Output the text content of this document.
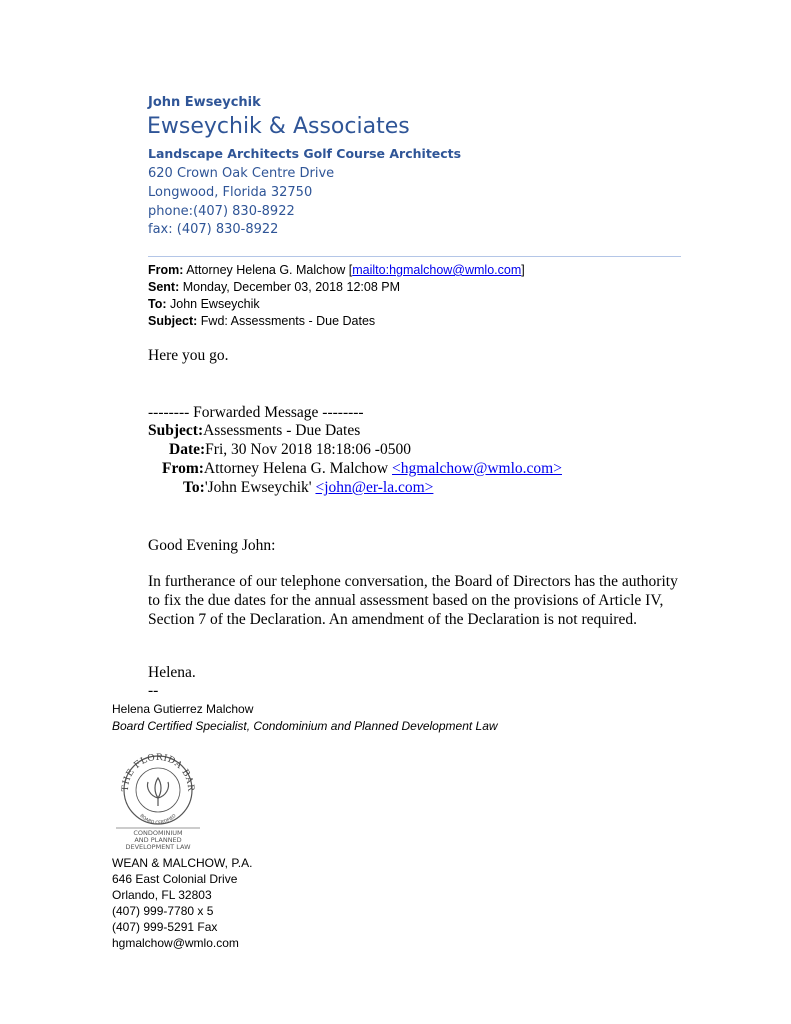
John Ewseychik
Ewseychik & Associates
Landscape Architects Golf Course Architects
620 Crown Oak Centre Drive
Longwood, Florida 32750
phone:(407) 830-8922
fax: (407) 830-8922
From: Attorney Helena G. Malchow [mailto:hgmalchow@wmlo.com]
Sent: Monday, December 03, 2018 12:08 PM
To: John Ewseychik
Subject: Fwd: Assessments - Due Dates
Here you go.
-------- Forwarded Message --------
Subject:Assessments - Due Dates
Date:Fri, 30 Nov 2018 18:18:06 -0500
From:Attorney Helena G. Malchow <hgmalchow@wmlo.com>
To:'John Ewseychik' <john@er-la.com>
Good Evening John:
In furtherance of our telephone conversation, the Board of Directors has the authority to fix the due dates for the annual assessment based on the provisions of Article IV, Section 7 of the Declaration. An amendment of the Declaration is not required.
Helena.
--
Helena Gutierrez Malchow
Board Certified Specialist, Condominium and Planned Development Law
THE FLORIDA BAR
BOARD CERTIFIED
CONDOMINIUM
AND PLANNED
DEVELOPMENT LAW
WEAN & MALCHOW, P.A.
646 East Colonial Drive
Orlando, FL 32803
(407) 999-7780 x 5
(407) 999-5291 Fax
hgmalchow@wmlo.com
